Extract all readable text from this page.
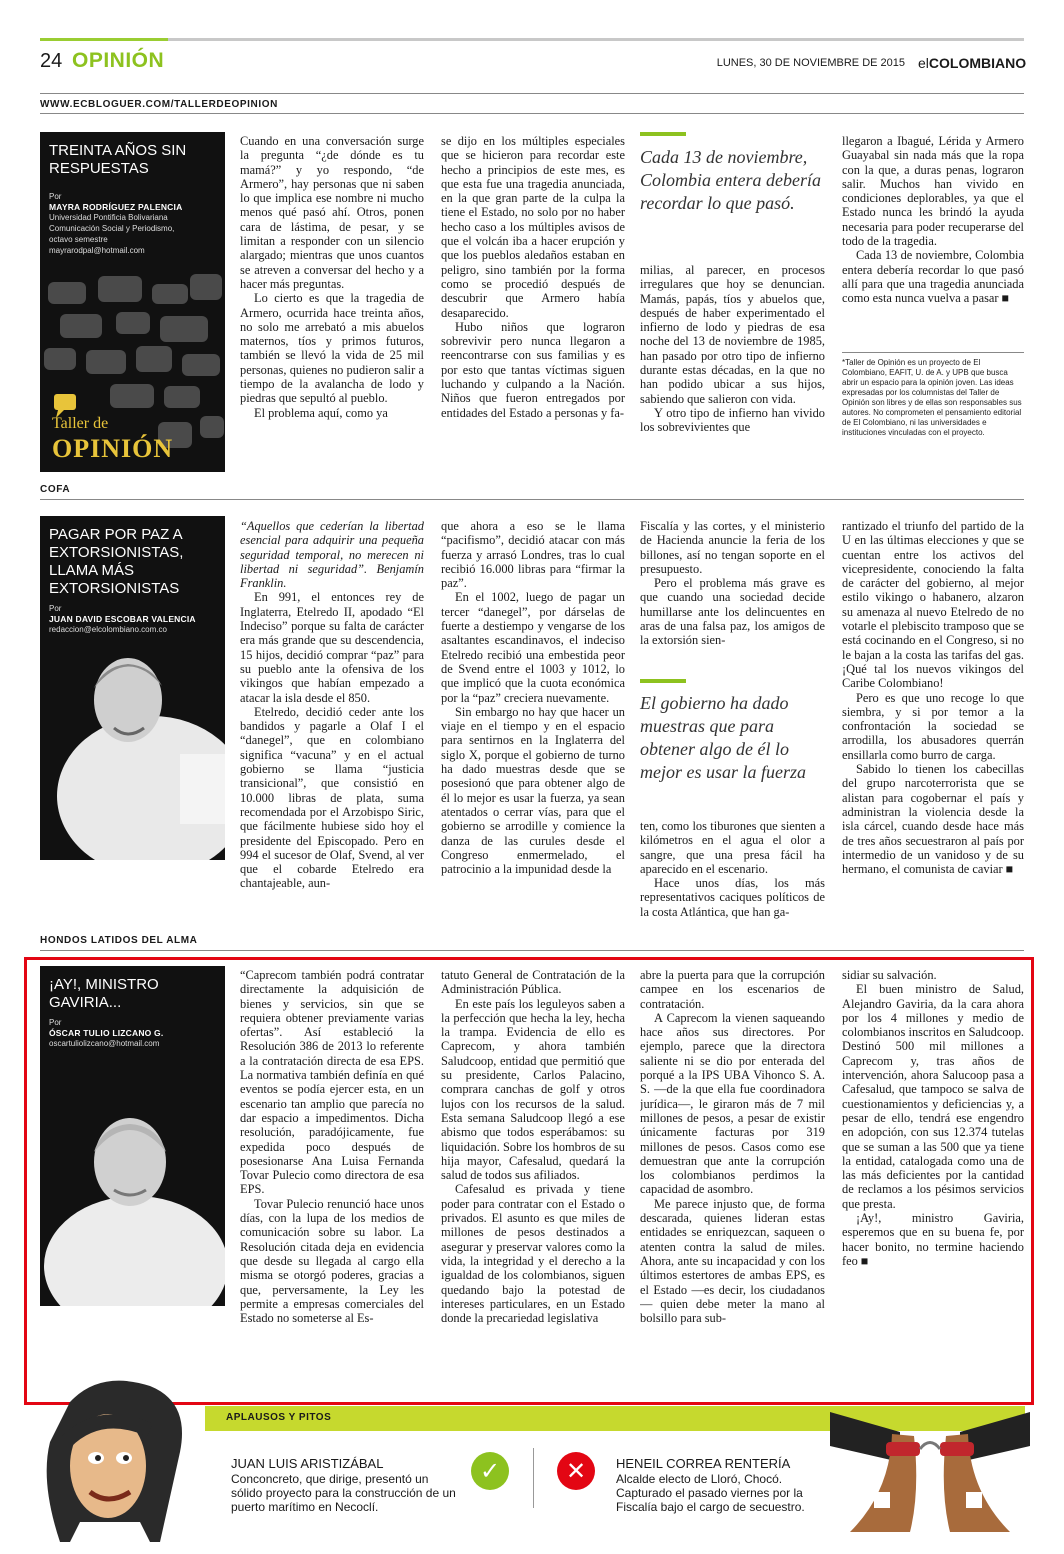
24 OPINIÓN	LUNES, 30 DE NOVIEMBRE DE 2015 elCOLOMBIANO
WWW.ECBLOGUER.COM/TALLERDEOPINION
TREINTA AÑOS SIN RESPUESTAS
Por
MAYRA RODRÍGUEZ PALENCIA
Universidad Pontificia Bolivariana
Comunicación Social y Periodismo,
octavo semestre
mayrarodpal@hotmail.com
Taller de
OPINIÓN

Cuando en una conversación surge la pregunta “¿de dónde es tu mamá?” y yo respondo, “de Armero”, hay personas que ni saben lo que implica ese nombre ni mucho menos qué pasó ahí. Otros, ponen cara de lástima, de pesar, y se limitan a responder con un silencio alargado; mientras que unos cuantos se atreven a conversar del hecho y a hacer más preguntas.

Lo cierto es que la tragedia de Armero, ocurrida hace treinta años, no solo me arrebató a mis abuelos maternos, tíos y primos futuros, también se llevó la vida de 25 mil personas, quienes no pudieron salir a tiempo de la avalancha de lodo y piedras que sepultó al pueblo.

El problema aquí, como ya

se dijo en los múltiples especiales que se hicieron para recordar este hecho a principios de este mes, es que esta fue una tragedia anunciada, en la que gran parte de la culpa la tiene el Estado, no solo por no haber hecho caso a los múltiples avisos de que el volcán iba a hacer erupción y que los pueblos aledaños estaban en peligro, sino también por la forma como se procedió después de descubrir que Armero había desaparecido.

Hubo niños que lograron sobrevivir pero nunca llegaron a reencontrarse con sus familias y es por esto que tantas víctimas siguen luchando y culpando a la Nación. Niños que fueron entregados por entidades del Estado a personas y fa-

Cada 13 de noviembre, Colombia entera debería recordar lo que pasó.

milias, al parecer, en procesos irregulares que hoy se denuncian. Mamás, papás, tíos y abuelos que, después de haber experimentado el infierno de lodo y piedras de esa noche del 13 de noviembre de 1985, han pasado por otro tipo de infierno durante estas décadas, en la que no han podido ubicar a sus hijos, sabiendo que salieron con vida.

Y otro tipo de infierno han vivido los sobrevivientes que

llegaron a Ibagué, Lérida y Armero Guayabal sin nada más que la ropa con la que, a duras penas, lograron salir. Muchos han vivido en condiciones deplorables, ya que el Estado nunca les brindó la ayuda necesaria para poder recuperarse del todo de la tragedia.

Cada 13 de noviembre, Colombia entera debería recordar lo que pasó allí para que una tragedia anunciada como esta nunca vuelva a pasar ■

*Taller de Opinión es un proyecto de El Colombiano, EAFIT, U. de A. y UPB que busca abrir un espacio para la opinión joven. Las ideas expresadas por los columnistas del Taller de Opinión son libres y de ellas son responsables sus autores. No comprometen el pensamiento editorial de El Colombiano, ni las universidades e instituciones vinculadas con el proyecto.
COFA
PAGAR POR PAZ A EXTORSIONISTAS, LLAMA MÁS EXTORSIONISTAS
Por
JUAN DAVID ESCOBAR VALENCIA
redaccion@elcolombiano.com.co

“Aquellos que cederían la libertad esencial para adquirir una pequeña seguridad temporal, no merecen ni libertad ni seguridad”. Benjamín Franklin.

En 991, el entonces rey de Inglaterra, Etelredo II, apodado “El Indeciso” porque su falta de carácter era más grande que su descendencia, 15 hijos, decidió comprar “paz” para su pueblo ante la ofensiva de los vikingos que habían empezado a atacar la isla desde el 850.

Etelredo, decidió ceder ante los bandidos y pagarle a Olaf I el “danegel”, que en colombiano significa “vacuna” y en el actual gobierno se llama “justicia transicional”, que consistió en 10.000 libras de plata, suma recomendada por el Arzobispo Siric, que fácilmente hubiese sido hoy el presidente del Episcopado. Pero en 994 el sucesor de Olaf, Svend, al ver que el cobarde Etelredo era chantajeable, aun-

que ahora a eso se le llama “pacifismo”, decidió atacar con más fuerza y arrasó Londres, tras lo cual recibió 16.000 libras para “firmar la paz”.

En el 1002, luego de pagar un tercer “danegel”, por dárselas de fuerte a destiempo y vengarse de los asaltantes escandinavos, el indeciso Etelredo recibió una embestida peor de Svend entre el 1003 y 1012, lo que implicó que la cuota económica por la “paz” creciera nuevamente.

Sin embargo no hay que hacer un viaje en el tiempo y en el espacio para sentirnos en la Inglaterra del siglo X, porque el gobierno de turno ha dado muestras desde que se posesionó que para obtener algo de él lo mejor es usar la fuerza, ya sean atentados o cerrar vías, para que el gobierno se arrodille y comience la danza de las curules desde el Congreso enmermelado, el patrocinio a la impunidad desde la

Fiscalía y las cortes, y el ministerio de Hacienda anuncie la feria de los billones, así no tengan soporte en el presupuesto.

Pero el problema más grave es que cuando una sociedad decide humillarse ante los delincuentes en aras de una falsa paz, los amigos de la extorsión sien-

El gobierno ha dado muestras que para obtener algo de él lo mejor es usar la fuerza

ten, como los tiburones que sienten a kilómetros en el agua el olor a sangre, que una presa fácil ha aparecido en el escenario.

Hace unos días, los más representativos caciques políticos de la costa Atlántica, que han ga-

rantizado el triunfo del partido de la U en las últimas elecciones y que se cuentan entre los activos del vicepresidente, conociendo la falta de carácter del gobierno, al mejor estilo vikingo o habanero, alzaron su amenaza al nuevo Etelredo de no votarle el plebiscito tramposo que se está cocinando en el Congreso, si no le bajan a la costa las tarifas del gas. ¡Qué tal los nuevos vikingos del Caribe Colombiano!

Pero es que uno recoge lo que siembra, y si por temor a la confrontación la sociedad se arrodilla, los abusadores querrán ensillarla como burro de carga.

Sabido lo tienen los cabecillas del grupo narcoterrorista que se alistan para cogobernar el país y administran la violencia desde la isla cárcel, cuando desde hace más de tres años secuestraron al país por intermedio de un vanidoso y de su hermano, el comunista de caviar ■

HONDOS LATIDOS DEL ALMA
¡AY!, MINISTRO GAVIRIA...
Por
ÓSCAR TULIO LIZCANO G.
oscartuliolizcano@hotmail.com

“Caprecom también podrá contratar directamente la adquisición de bienes y servicios, sin que se requiera obtener previamente varias ofertas”. Así estableció la Resolución 386 de 2013 lo referente a la contratación directa de esa EPS. La normativa también definía en qué eventos se podía ejercer esta, en un escenario tan amplio que parecía no dar espacio a impedimentos. Dicha resolución, paradójicamente, fue expedida poco después de posesionarse Ana Luisa Fernanda Tovar Pulecio como directora de esa EPS.

Tovar Pulecio renunció hace unos días, con la lupa de los medios de comunicación sobre su labor. La Resolución citada deja en evidencia que desde su llegada al cargo ella misma se otorgó poderes, gracias a que, perversamente, la Ley les permite a empresas comerciales del Estado no someterse al Es-

tatuto General de Contratación de la Administración Pública.

En este país los leguleyos saben a la perfección que hecha la ley, hecha la trampa. Evidencia de ello es Caprecom, y ahora también Saludcoop, entidad que permitió que su presidente, Carlos Palacino, comprara canchas de golf y otros lujos con los recursos de la salud. Esta semana Saludcoop llegó a ese abismo que todos esperábamos: su liquidación. Sobre los hombros de su hija mayor, Cafesalud, quedará la salud de todos sus afiliados.

Cafesalud es privada y tiene poder para contratar con el Estado o privados. El asunto es que miles de millones de pesos destinados a asegurar y preservar valores como la vida, la integridad y el derecho a la igualdad de los colombianos, siguen quedando bajo la potestad de intereses particulares, en un Estado donde la precariedad legislativa

abre la puerta para que la corrupción campee en los escenarios de contratación.

A Caprecom la vienen saqueando hace años sus directores. Por ejemplo, parece que la directora saliente ni se dio por enterada del porqué a la IPS UBA Vihonco S. A. S. —de la que ella fue coordinadora jurídica—, le giraron más de 7 mil millones de pesos, a pesar de existir únicamente facturas por 319 millones de pesos. Casos como ese demuestran que ante la corrupción los colombianos perdimos la capacidad de asombro.

Me parece injusto que, de forma descarada, quienes lideran estas entidades se enriquezcan, saqueen o atenten contra la salud de miles. Ahora, ante su incapacidad y con los últimos estertores de ambas EPS, es el Estado —es decir, los ciudadanos— quien debe meter la mano al bolsillo para sub-

sidiar su salvación.

El buen ministro de Salud, Alejandro Gaviria, da la cara ahora por los 4 millones y medio de colombianos inscritos en Saludcoop. Destinó 500 mil millones a Caprecom y, tras años de intervención, ahora Salucoop pasa a Cafesalud, que tampoco se salva de cuestionamientos y deficiencias y, a pesar de ello, tendrá ese engendro en adopción, con sus 12.374 tutelas que se suman a las 500 que ya tiene la entidad, catalogada como una de las más deficientes por la cantidad de reclamos a los pésimos servicios que presta.

¡Ay!, ministro Gaviria, esperemos que en su buena fe, por hacer bonito, no termine haciendo feo ■

APLAUSOS Y PITOS
JUAN LUIS ARISTIZÁBAL
Conconcreto, que dirige, presentó un sólido proyecto para la construcción de un puerto marítimo en Necoclí.
✓	✕	HENEIL CORREA RENTERÍA
Alcalde electo de Lloró, Chocó. Capturado el pasado viernes por la Fiscalía bajo el cargo de secuestro.
